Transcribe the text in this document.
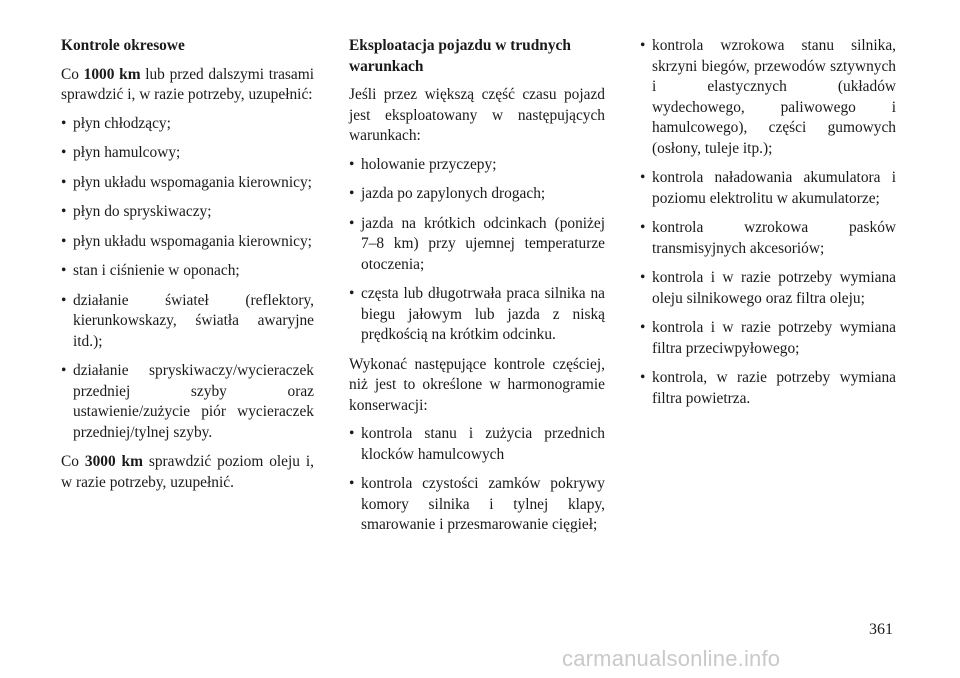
Kontrole okresowe

Co 1000 km lub przed dalszymi trasami sprawdzić i, w razie potrzeby, uzupełnić:

• płyn chłodzący;
• płyn hamulcowy;
• płyn układu wspomagania kierownicy;
• płyn do spryskiwaczy;
• płyn układu wspomagania kierownicy;
• stan i ciśnienie w oponach;
• działanie świateł (reflektory, kierunkowskazy, światła awaryjne itd.);
• działanie spryskiwaczy/wycieraczek przedniej szyby oraz ustawienie/zużycie piór wycieraczek przedniej/tylnej szyby.

Co 3000 km sprawdzić poziom oleju i, w razie potrzeby, uzupełnić.

Eksploatacja pojazdu w trudnych warunkach

Jeśli przez większą część czasu pojazd jest eksploatowany w następujących warunkach:

• holowanie przyczepy;
• jazda po zapylonych drogach;
• jazda na krótkich odcinkach (poniżej 7–8 km) przy ujemnej temperaturze otoczenia;
• częsta lub długotrwała praca silnika na biegu jałowym lub jazda z niską prędkością na krótkim odcinku.

Wykonać następujące kontrole częściej, niż jest to określone w harmonogramie konserwacji:

• kontrola stanu i zużycia przednich klocków hamulcowych
• kontrola czystości zamków pokrywy komory silnika i tylnej klapy, smarowanie i przesmarowanie cięgieł;
• kontrola wzrokowa stanu silnika, skrzyni biegów, przewodów sztywnych i elastycznych (układów wydechowego, paliwowego i hamulcowego), części gumowych (osłony, tuleje itp.);
• kontrola naładowania akumulatora i poziomu elektrolitu w akumulatorze;
• kontrola wzrokowa pasków transmisyjnych akcesoriów;
• kontrola i w razie potrzeby wymiana oleju silnikowego oraz filtra oleju;
• kontrola i w razie potrzeby wymiana filtra przeciwpyłowego;
• kontrola, w razie potrzeby wymiana filtra powietrza.
361
carmanualsonline.info
